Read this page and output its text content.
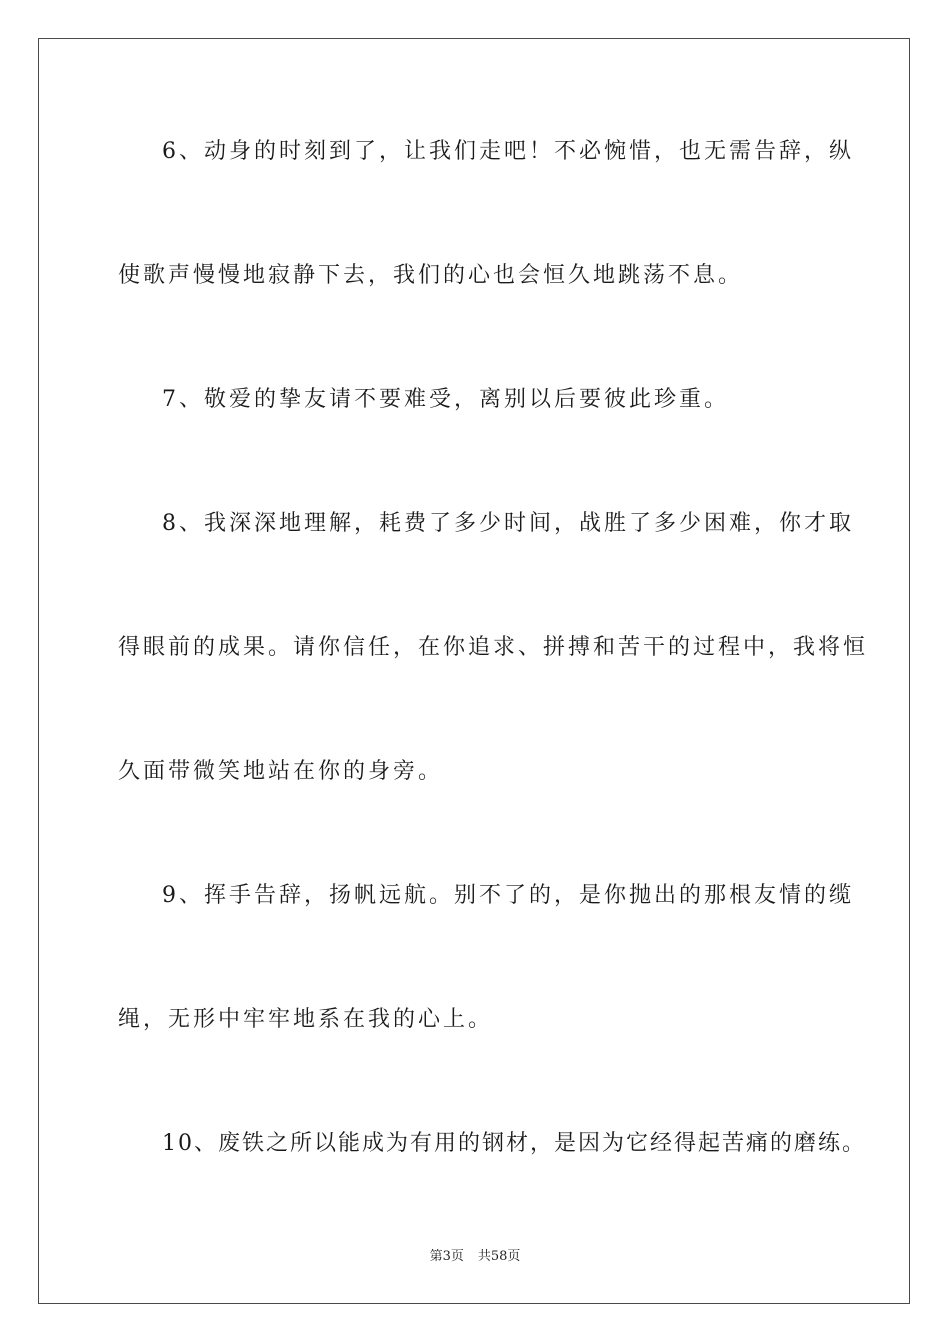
6、动身的时刻到了，让我们走吧！不必惋惜，也无需告辞，纵
使歌声慢慢地寂静下去，我们的心也会恒久地跳荡不息。
7、敬爱的挚友请不要难受，离别以后要彼此珍重。
8、我深深地理解，耗费了多少时间，战胜了多少困难，你才取
得眼前的成果。请你信任，在你追求、拼搏和苦干的过程中，我将恒
久面带微笑地站在你的身旁。
9、挥手告辞，扬帆远航。别不了的，是你抛出的那根友情的缆
绳，无形中牢牢地系在我的心上。
10、废铁之所以能成为有用的钢材，是因为它经得起苦痛的磨练。
第3页 共58页
